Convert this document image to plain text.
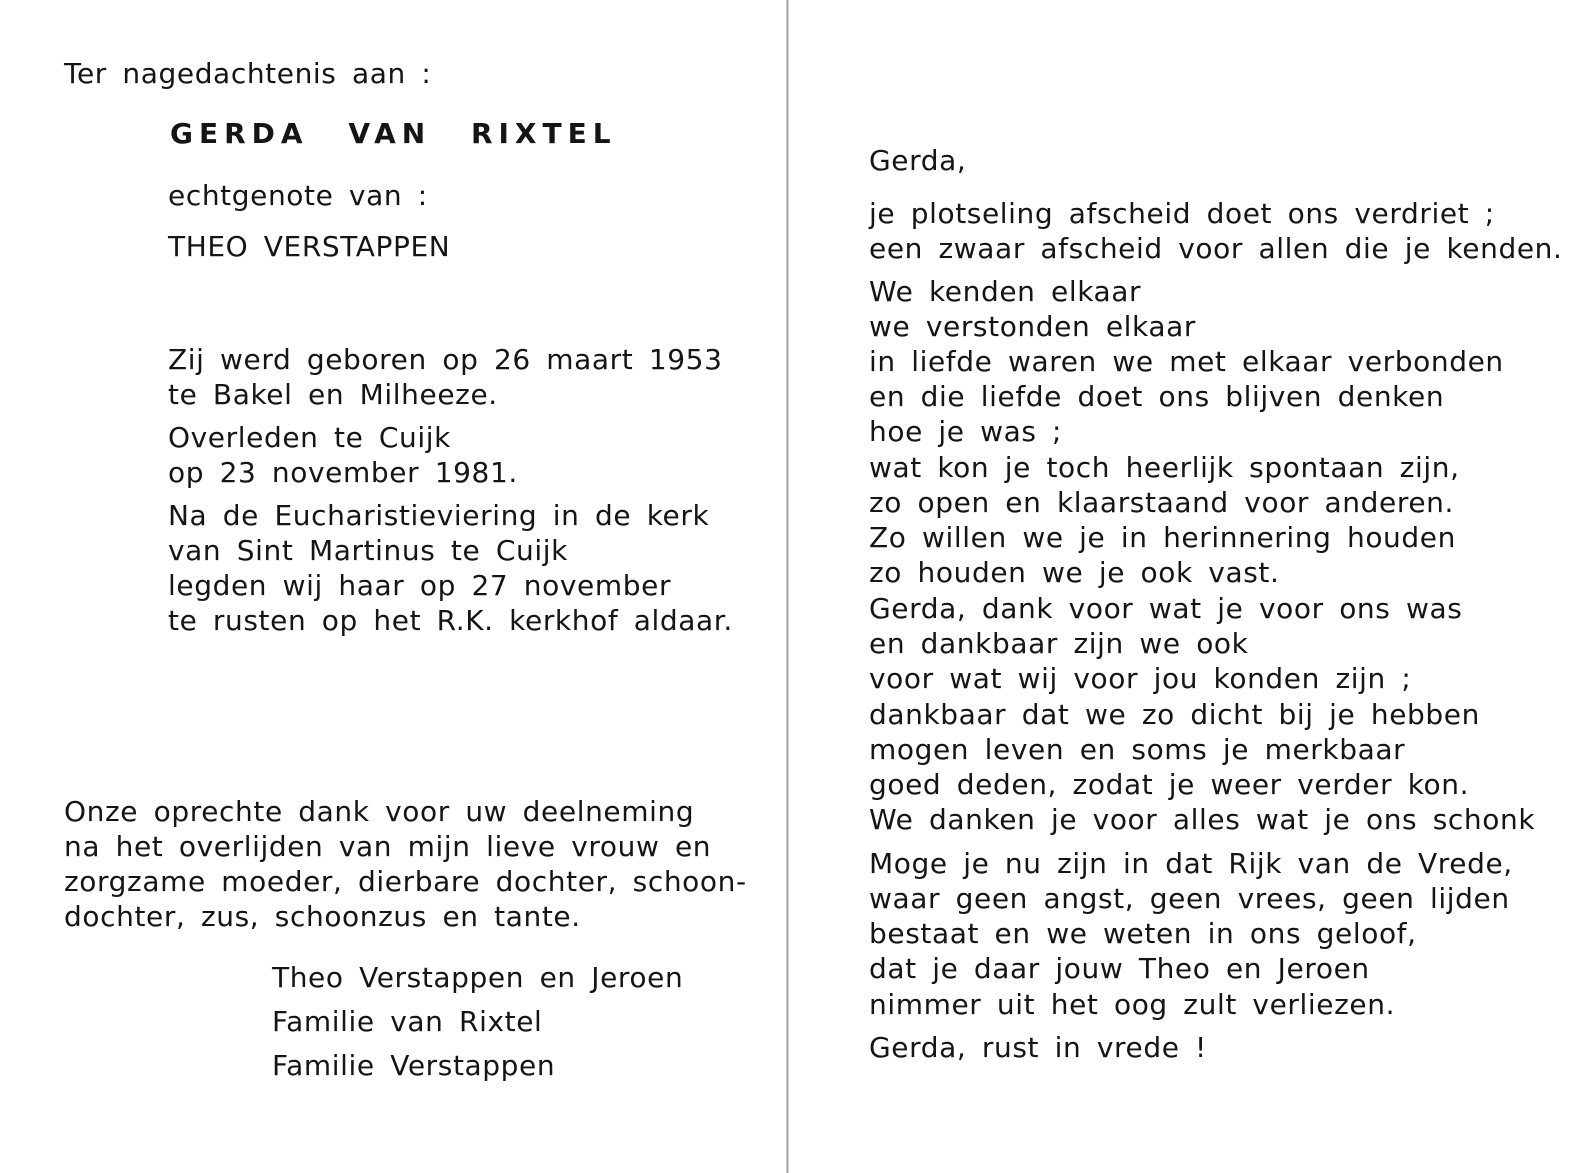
Ter nagedachtenis aan :

GERDA VAN RIXTEL

echtgenote van :

THEO VERSTAPPEN

Zij werd geboren op 26 maart 1953

te Bakel en Milheeze.

Overleden te Cuijk

op 23 november 1981.

Na de Eucharistieviering in de kerk

van Sint Martinus te Cuijk

legden wij haar op 27 november

te rusten op het R.K. kerkhof aldaar.

Onze oprechte dank voor uw deelneming

na het overlijden van mijn lieve vrouw en

zorgzame moeder, dierbare dochter, schoon-

dochter, zus, schoonzus en tante.

Theo Verstappen en Jeroen

Familie van Rixtel

Familie Verstappen

Gerda,

je plotseling afscheid doet ons verdriet ;

een zwaar afscheid voor allen die je kenden.

We kenden elkaar

we verstonden elkaar

in liefde waren we met elkaar verbonden

en die liefde doet ons blijven denken

hoe je was ;

wat kon je toch heerlijk spontaan zijn,

zo open en klaarstaand voor anderen.

Zo willen we je in herinnering houden

zo houden we je ook vast.

Gerda, dank voor wat je voor ons was

en dankbaar zijn we ook

voor wat wij voor jou konden zijn ;

dankbaar dat we zo dicht bij je hebben

mogen leven en soms je merkbaar

goed deden, zodat je weer verder kon.

We danken je voor alles wat je ons schonk

Moge je nu zijn in dat Rijk van de Vrede,

waar geen angst, geen vrees, geen lijden

bestaat en we weten in ons geloof,

dat je daar jouw Theo en Jeroen

nimmer uit het oog zult verliezen.

Gerda, rust in vrede !
